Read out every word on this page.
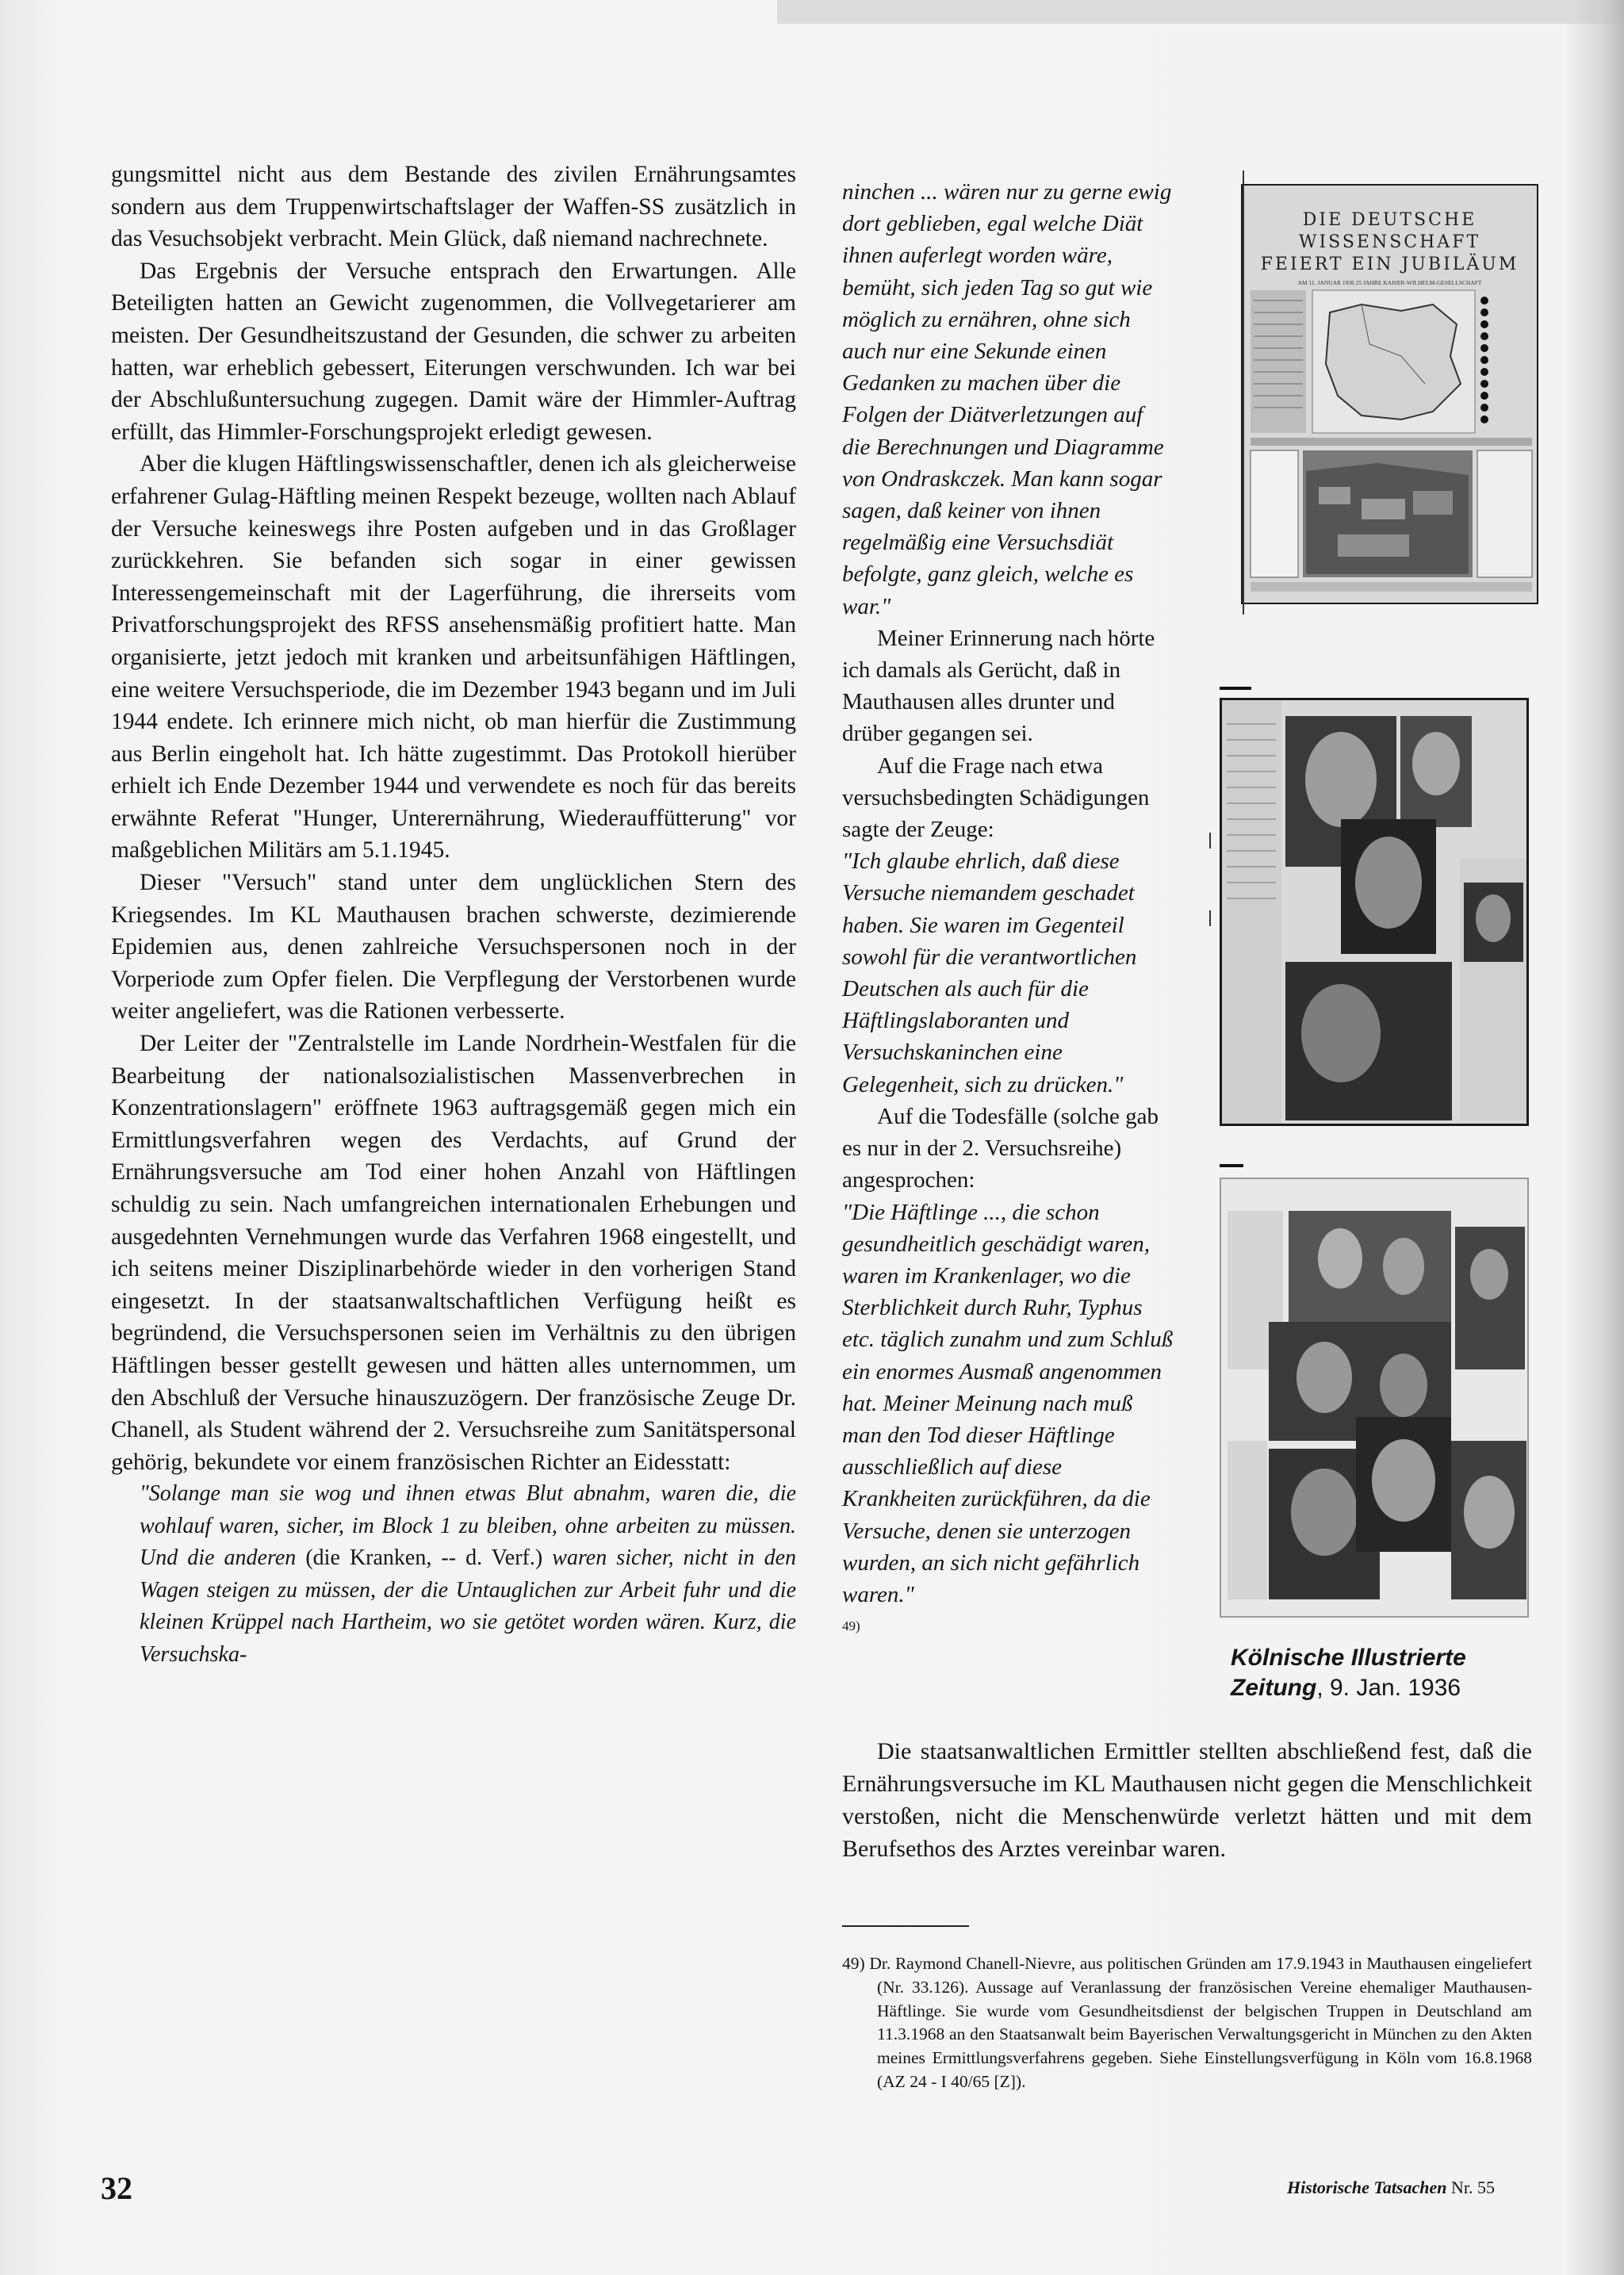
gungsmittel nicht aus dem Bestande des zivilen Ernährungsamtes sondern aus dem Truppenwirtschaftslager der Waffen-SS zusätzlich in das Vesuchsobjekt verbracht. Mein Glück, daß niemand nachrechnete.

Das Ergebnis der Versuche entsprach den Erwartungen. Alle Beteiligten hatten an Gewicht zugenommen, die Vollvegetarierer am meisten. Der Gesundheitszustand der Gesunden, die schwer zu arbeiten hatten, war erheblich gebessert, Eiterungen verschwunden. Ich war bei der Abschlußuntersuchung zugegen. Damit wäre der Himmler-Auftrag erfüllt, das Himmler-Forschungsprojekt erledigt gewesen.

Aber die klugen Häftlingswissenschaftler, denen ich als gleicherweise erfahrener Gulag-Häftling meinen Respekt bezeuge, wollten nach Ablauf der Versuche keineswegs ihre Posten aufgeben und in das Großlager zurückkehren. Sie befanden sich sogar in einer gewissen Interessengemeinschaft mit der Lagerführung, die ihrerseits vom Privatforschungsprojekt des RFSS ansehensmäßig profitiert hatte. Man organisierte, jetzt jedoch mit kranken und arbeitsunfähigen Häftlingen, eine weitere Versuchsperiode, die im Dezember 1943 begann und im Juli 1944 endete. Ich erinnere mich nicht, ob man hierfür die Zustimmung aus Berlin eingeholt hat. Ich hätte zugestimmt. Das Protokoll hierüber erhielt ich Ende Dezember 1944 und verwendete es noch für das bereits erwähnte Referat "Hunger, Unterernährung, Wiederauffütterung" vor maßgeblichen Militärs am 5.1.1945.

Dieser "Versuch" stand unter dem unglücklichen Stern des Kriegsendes. Im KL Mauthausen brachen schwerste, dezimierende Epidemien aus, denen zahlreiche Versuchspersonen noch in der Vorperiode zum Opfer fielen. Die Verpflegung der Verstorbenen wurde weiter angeliefert, was die Rationen verbesserte.

Der Leiter der "Zentralstelle im Lande Nordrhein-Westfalen für die Bearbeitung der nationalsozialistischen Massenverbrechen in Konzentrationslagern" eröffnete 1963 auftragsgemäß gegen mich ein Ermittlungsverfahren wegen des Verdachts, auf Grund der Ernährungsversuche am Tod einer hohen Anzahl von Häftlingen schuldig zu sein. Nach umfangreichen internationalen Erhebungen und ausgedehnten Vernehmungen wurde das Verfahren 1968 eingestellt, und ich seitens meiner Disziplinarbehörde wieder in den vorherigen Stand eingesetzt. In der staatsanwaltschaftlichen Verfügung heißt es begründend, die Versuchspersonen seien im Verhältnis zu den übrigen Häftlingen besser gestellt gewesen und hätten alles unternommen, um den Abschluß der Versuche hinauszuzögern. Der französische Zeuge Dr. Chanell, als Student während der 2. Versuchsreihe zum Sanitätspersonal gehörig, bekundete vor einem französischen Richter an Eidesstatt:

"Solange man sie wog und ihnen etwas Blut abnahm, waren die, die wohlauf waren, sicher, im Block 1 zu bleiben, ohne arbeiten zu müssen. Und die anderen (die Kranken, -- d. Verf.) waren sicher, nicht in den Wagen steigen zu müssen, der die Untauglichen zur Arbeit fuhr und die kleinen Krüppel nach Hartheim, wo sie getötet worden wären. Kurz, die Versuchska-

ninchen ... wären nur zu gerne ewig dort geblieben, egal welche Diät ihnen auferlegt worden wäre, bemüht, sich jeden Tag so gut wie möglich zu ernähren, ohne sich auch nur eine Sekunde einen Gedanken zu machen über die Folgen der Diätverletzungen auf die Berechnungen und Diagramme von Ondraskczek. Man kann sogar sagen, daß keiner von ihnen regelmäßig eine Versuchsdiät befolgte, ganz gleich, welche es war."

Meiner Erinnerung nach hörte ich damals als Gerücht, daß in Mauthausen alles drunter und drüber gegangen sei.

Auf die Frage nach etwa versuchsbedingten Schädigungen sagte der Zeuge:

"Ich glaube ehrlich, daß diese Versuche niemandem geschadet haben. Sie waren im Gegenteil sowohl für die verantwortlichen Deutschen als auch für die Häftlingslaboranten und Versuchskaninchen eine Gelegenheit, sich zu drücken."

Auf die Todesfälle (solche gab es nur in der 2. Versuchsreihe) angesprochen:

"Die Häftlinge ..., die schon gesundheitlich geschädigt waren, waren im Krankenlager, wo die Sterblichkeit durch Ruhr, Typhus etc. täglich zunahm und zum Schluß ein enormes Ausmaß angenommen hat. Meiner Meinung nach muß man den Tod dieser Häftlinge ausschließlich auf diese Krankheiten zurückführen, da die Versuche, denen sie unterzogen wurden, an sich nicht gefährlich waren."

$^{49)}$

DIE DEUTSCHE
WISSENSCHAFT
FEIERT EIN JUBILÄUM
AM 11. JANUAR 1936 25 JAHRE KAISER-WILHELM-GESELLSCHAFT
Kölnische Illustrierte
Zeitung, 9. Jan. 1936

Die staatsanwaltlichen Ermittler stellten abschließend fest, daß die Ernährungsversuche im KL Mauthausen nicht gegen die Menschlichkeit verstoßen, nicht die Menschenwürde verletzt hätten und mit dem Berufsethos des Arztes vereinbar waren.

49) Dr. Raymond Chanell-Nievre, aus politischen Gründen am 17.9.1943 in Mauthausen eingeliefert (Nr. 33.126). Aussage auf Veranlassung der französischen Vereine ehemaliger Mauthausen-Häftlinge. Sie wurde vom Gesundheitsdienst der belgischen Truppen in Deutschland am 11.3.1968 an den Staatsanwalt beim Bayerischen Verwaltungsgericht in München zu den Akten meines Ermittlungsverfahrens gegeben. Siehe Einstellungsverfügung in Köln vom 16.8.1968 (AZ 24 - I 40/65 [Z]).

32	Historische Tatsachen Nr. 55
